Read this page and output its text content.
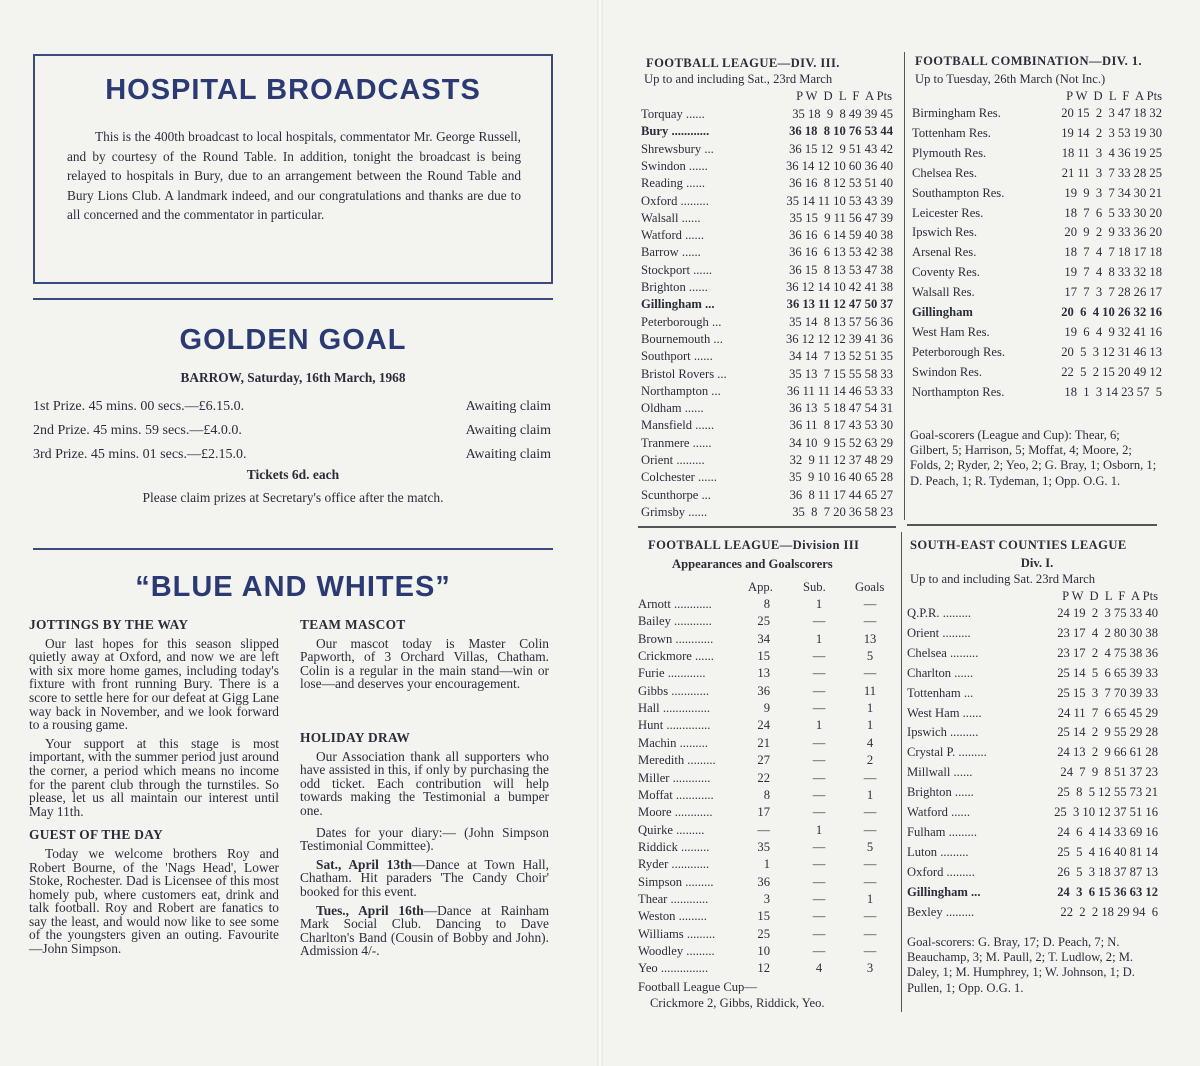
HOSPITAL BROADCASTS

This is the 400th broadcast to local hospitals, commentator Mr. George Russell, and by courtesy of the Round Table. In addition, tonight the broadcast is being relayed to hospitals in Bury, due to an arrangement between the Round Table and Bury Lions Club. A landmark indeed, and our congratulations and thanks are due to all concerned and the commentator in particular.

GOLDEN GOAL
BARROW, Saturday, 16th March, 1968
1st Prize. 45 mins. 00 secs.—£6.15.0.	Awaiting claim
2nd Prize. 45 mins. 59 secs.—£4.0.0.	Awaiting claim
3rd Prize. 45 mins. 01 secs.—£2.15.0.	Awaiting claim
Tickets 6d. each
Please claim prizes at Secretary's office after the match.
“BLUE AND WHITES”
JOTTINGS BY THE WAY

Our last hopes for this season slipped quietly away at Oxford, and now we are left with six more home games, including today's fixture with front running Bury. There is a score to settle here for our defeat at Gigg Lane way back in November, and we look forward to a rousing game.

Your support at this stage is most important, with the summer period just around the corner, a period which means no income for the parent club through the turnstiles. So please, let us all maintain our interest until May 11th.

GUEST OF THE DAY

Today we welcome brothers Roy and Robert Bourne, of the 'Nags Head', Lower Stoke, Rochester. Dad is Licensee of this most homely pub, where customers eat, drink and talk football. Roy and Robert are fanatics to say the least, and would now like to see some of the youngsters given an outing. Favourite—John Simpson.

TEAM MASCOT

Our mascot today is Master Colin Papworth, of 3 Orchard Villas, Chatham. Colin is a regular in the main stand—win or lose—and deserves your encouragement.

HOLIDAY DRAW

Our Association thank all supporters who have assisted in this, if only by purchasing the odd ticket. Each contribution will help towards making the Testimonial a bumper one.

Dates for your diary:— (John Simpson Testimonial Committee).

Sat., April 13th—Dance at Town Hall, Chatham. Hit paraders 'The Candy Choir' booked for this event.

Tues., April 16th—Dance at Rainham Mark Social Club. Dancing to Dave Charlton's Band (Cousin of Bobby and John). Admission 4/-.

FOOTBALL LEAGUE—DIV. III.
Up to and including Sat., 23rd March
P W  D  L  F  A Pts
Torquay ......	35 18  9  8 49 39 45
Bury ............	36 18  8 10 76 53 44
Shrewsbury ...	36 15 12  9 51 43 42
Swindon ......	36 14 12 10 60 36 40
Reading ......	36 16  8 12 53 51 40
Oxford .........	35 14 11 10 53 43 39
Walsall ......	35 15  9 11 56 47 39
Watford ......	36 16  6 14 59 40 38
Barrow ......	36 16  6 13 53 42 38
Stockport ......	36 15  8 13 53 47 38
Brighton ......	36 12 14 10 42 41 38
Gillingham ...	36 13 11 12 47 50 37
Peterborough ...	35 14  8 13 57 56 36
Bournemouth ...	36 12 12 12 39 41 36
Southport ......	34 14  7 13 52 51 35
Bristol Rovers ...	35 13  7 15 55 58 33
Northampton ...	36 11 11 14 46 53 33
Oldham ......	36 13  5 18 47 54 31
Mansfield ......	36 11  8 17 43 53 30
Tranmere ......	34 10  9 15 52 63 29
Orient .........	32  9 11 12 37 48 29
Colchester ......	35  9 10 16 40 65 28
Scunthorpe ...	36  8 11 17 44 65 27
Grimsby ......	35  8  7 20 36 58 23
FOOTBALL COMBINATION—DIV. 1.
Up to Tuesday, 26th March (Not Inc.)
P W  D  L  F  A Pts
Birmingham Res.	20 15  2  3 47 18 32
Tottenham Res.	19 14  2  3 53 19 30
Plymouth Res.	18 11  3  4 36 19 25
Chelsea Res.	21 11  3  7 33 28 25
Southampton Res.	19  9  3  7 34 30 21
Leicester Res.	18  7  6  5 33 30 20
Ipswich Res.	20  9  2  9 33 36 20
Arsenal Res.	18  7  4  7 18 17 18
Coventy Res.	19  7  4  8 33 32 18
Walsall Res.	17  7  3  7 28 26 17
Gillingham	20  6  4 10 26 32 16
West Ham Res.	19  6  4  9 32 41 16
Peterborough Res.	20  5  3 12 31 46 13
Swindon Res.	22  5  2 15 20 49 12
Northampton Res.	18  1  3 14 23 57  5
Goal-scorers (League and Cup): Thear, 6; Gilbert, 5; Harrison, 5; Moffat, 4; Moore, 2; Folds, 2; Ryder, 2; Yeo, 2; G. Bray, 1; Osborn, 1; D. Peach, 1; R. Tydeman, 1; Opp. O.G. 1.
FOOTBALL LEAGUE—Division III
Appearances and Goalscorers
App. Sub. Goals
Arnott ............	8	1	—
Bailey ............	25	—	—
Brown ............	34	1	13
Crickmore ......	15	—	5
Furie ............	13	—	—
Gibbs ............	36	—	11
Hall ...............	9	—	1
Hunt ..............	24	1	1
Machin .........	21	—	4
Meredith .........	27	—	2
Miller ............	22	—	—
Moffat ............	8	—	1
Moore ............	17	—	—
Quirke .........	—	1	—
Riddick .........	35	—	5
Ryder ............	1	—	—
Simpson .........	36	—	—
Thear ............	3	—	1
Weston .........	15	—	—
Williams .........	25	—	—
Woodley .........	10	—	—
Yeo ...............	12	4	3
Football League Cup—
Crickmore 2, Gibbs, Riddick, Yeo.
SOUTH-EAST COUNTIES LEAGUE
Div. I.
Up to and including Sat. 23rd March
P W  D  L  F  A Pts
Q.P.R. .........	24 19  2  3 75 33 40
Orient .........	23 17  4  2 80 30 38
Chelsea .........	23 17  2  4 75 38 36
Charlton ......	25 14  5  6 65 39 33
Tottenham ...	25 15  3  7 70 39 33
West Ham ......	24 11  7  6 65 45 29
Ipswich .........	25 14  2  9 55 29 28
Crystal P. .........	24 13  2  9 66 61 28
Millwall ......	24  7  9  8 51 37 23
Brighton ......	25  8  5 12 55 73 21
Watford ......	25  3 10 12 37 51 16
Fulham .........	24  6  4 14 33 69 16
Luton .........	25  5  4 16 40 81 14
Oxford .........	26  5  3 18 37 87 13
Gillingham ...	24  3  6 15 36 63 12
Bexley .........	22  2  2 18 29 94  6
Goal-scorers: G. Bray, 17; D. Peach, 7; N. Beauchamp, 3; M. Paull, 2; T. Ludlow, 2; M. Daley, 1; M. Humphrey, 1; W. Johnson, 1; D. Pullen, 1; Opp. O.G. 1.
